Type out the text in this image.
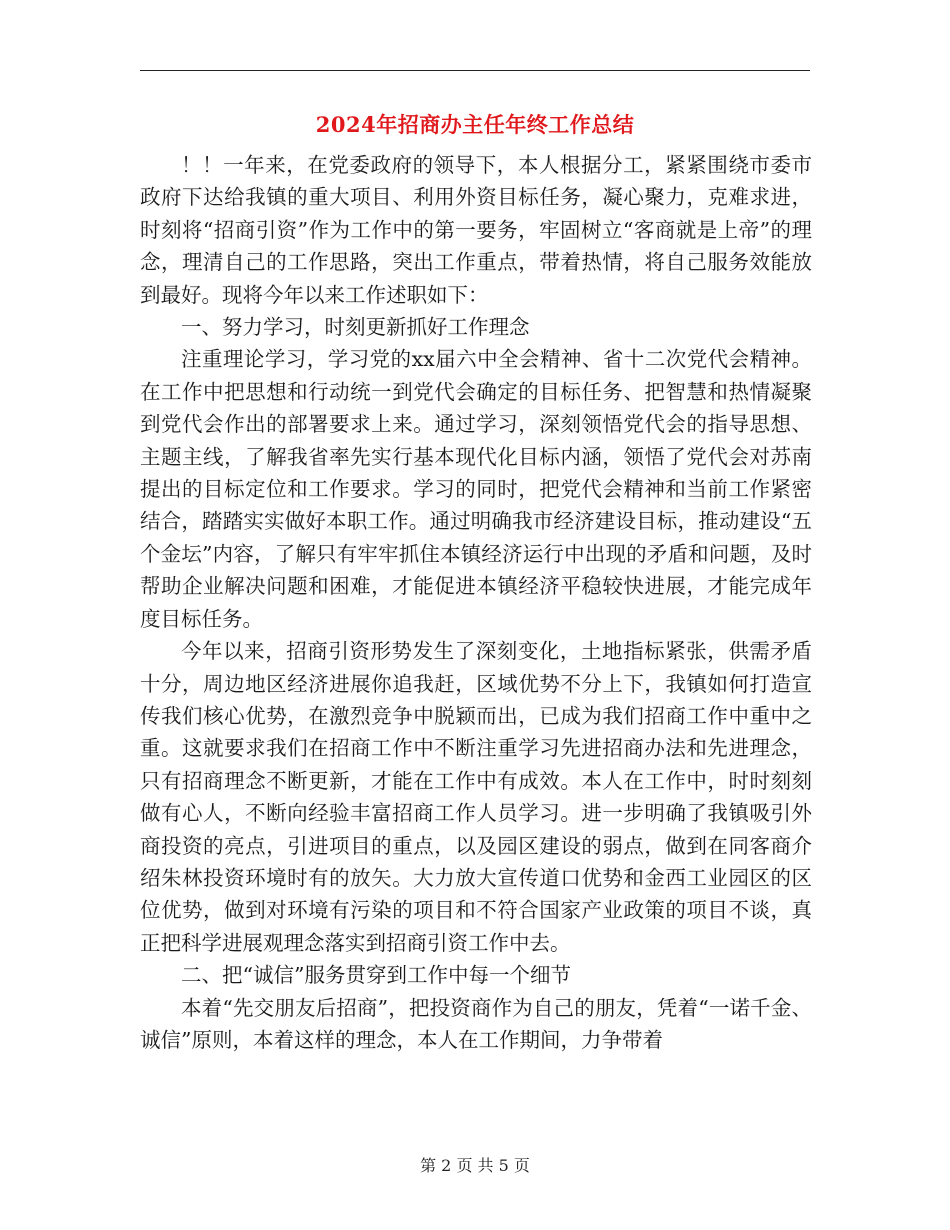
2024年招商办主任年终工作总结

！！一年来，在党委政府的领导下，本人根据分工，紧紧围绕市委市政府下达给我镇的重大项目、利用外资目标任务，凝心聚力，克难求进，时刻将“招商引资”作为工作中的第一要务，牢固树立“客商就是上帝”的理念，理清自己的工作思路，突出工作重点，带着热情，将自己服务效能放到最好。现将今年以来工作述职如下：

一、努力学习，时刻更新抓好工作理念

注重理论学习，学习党的xx届六中全会精神、省十二次党代会精神。在工作中把思想和行动统一到党代会确定的目标任务、把智慧和热情凝聚到党代会作出的部署要求上来。通过学习，深刻领悟党代会的指导思想、主题主线，了解我省率先实行基本现代化目标内涵，领悟了党代会对苏南提出的目标定位和工作要求。学习的同时，把党代会精神和当前工作紧密结合，踏踏实实做好本职工作。通过明确我市经济建设目标，推动建设“五个金坛”内容，了解只有牢牢抓住本镇经济运行中出现的矛盾和问题，及时帮助企业解决问题和困难，才能促进本镇经济平稳较快进展，才能完成年度目标任务。

今年以来，招商引资形势发生了深刻变化，土地指标紧张，供需矛盾十分，周边地区经济进展你追我赶，区域优势不分上下，我镇如何打造宣传我们核心优势，在激烈竞争中脱颖而出，已成为我们招商工作中重中之重。这就要求我们在招商工作中不断注重学习先进招商办法和先进理念，只有招商理念不断更新，才能在工作中有成效。本人在工作中，时时刻刻做有心人，不断向经验丰富招商工作人员学习。进一步明确了我镇吸引外商投资的亮点，引进项目的重点，以及园区建设的弱点，做到在同客商介绍朱林投资环境时有的放矢。大力放大宣传道口优势和金西工业园区的区位优势，做到对环境有污染的项目和不符合国家产业政策的项目不谈，真正把科学进展观理念落实到招商引资工作中去。

二、把“诚信”服务贯穿到工作中每一个细节

本着“先交朋友后招商”，把投资商作为自己的朋友，凭着“一诺千金、诚信”原则，本着这样的理念，本人在工作期间，力争带着

第 2 页 共 5 页
